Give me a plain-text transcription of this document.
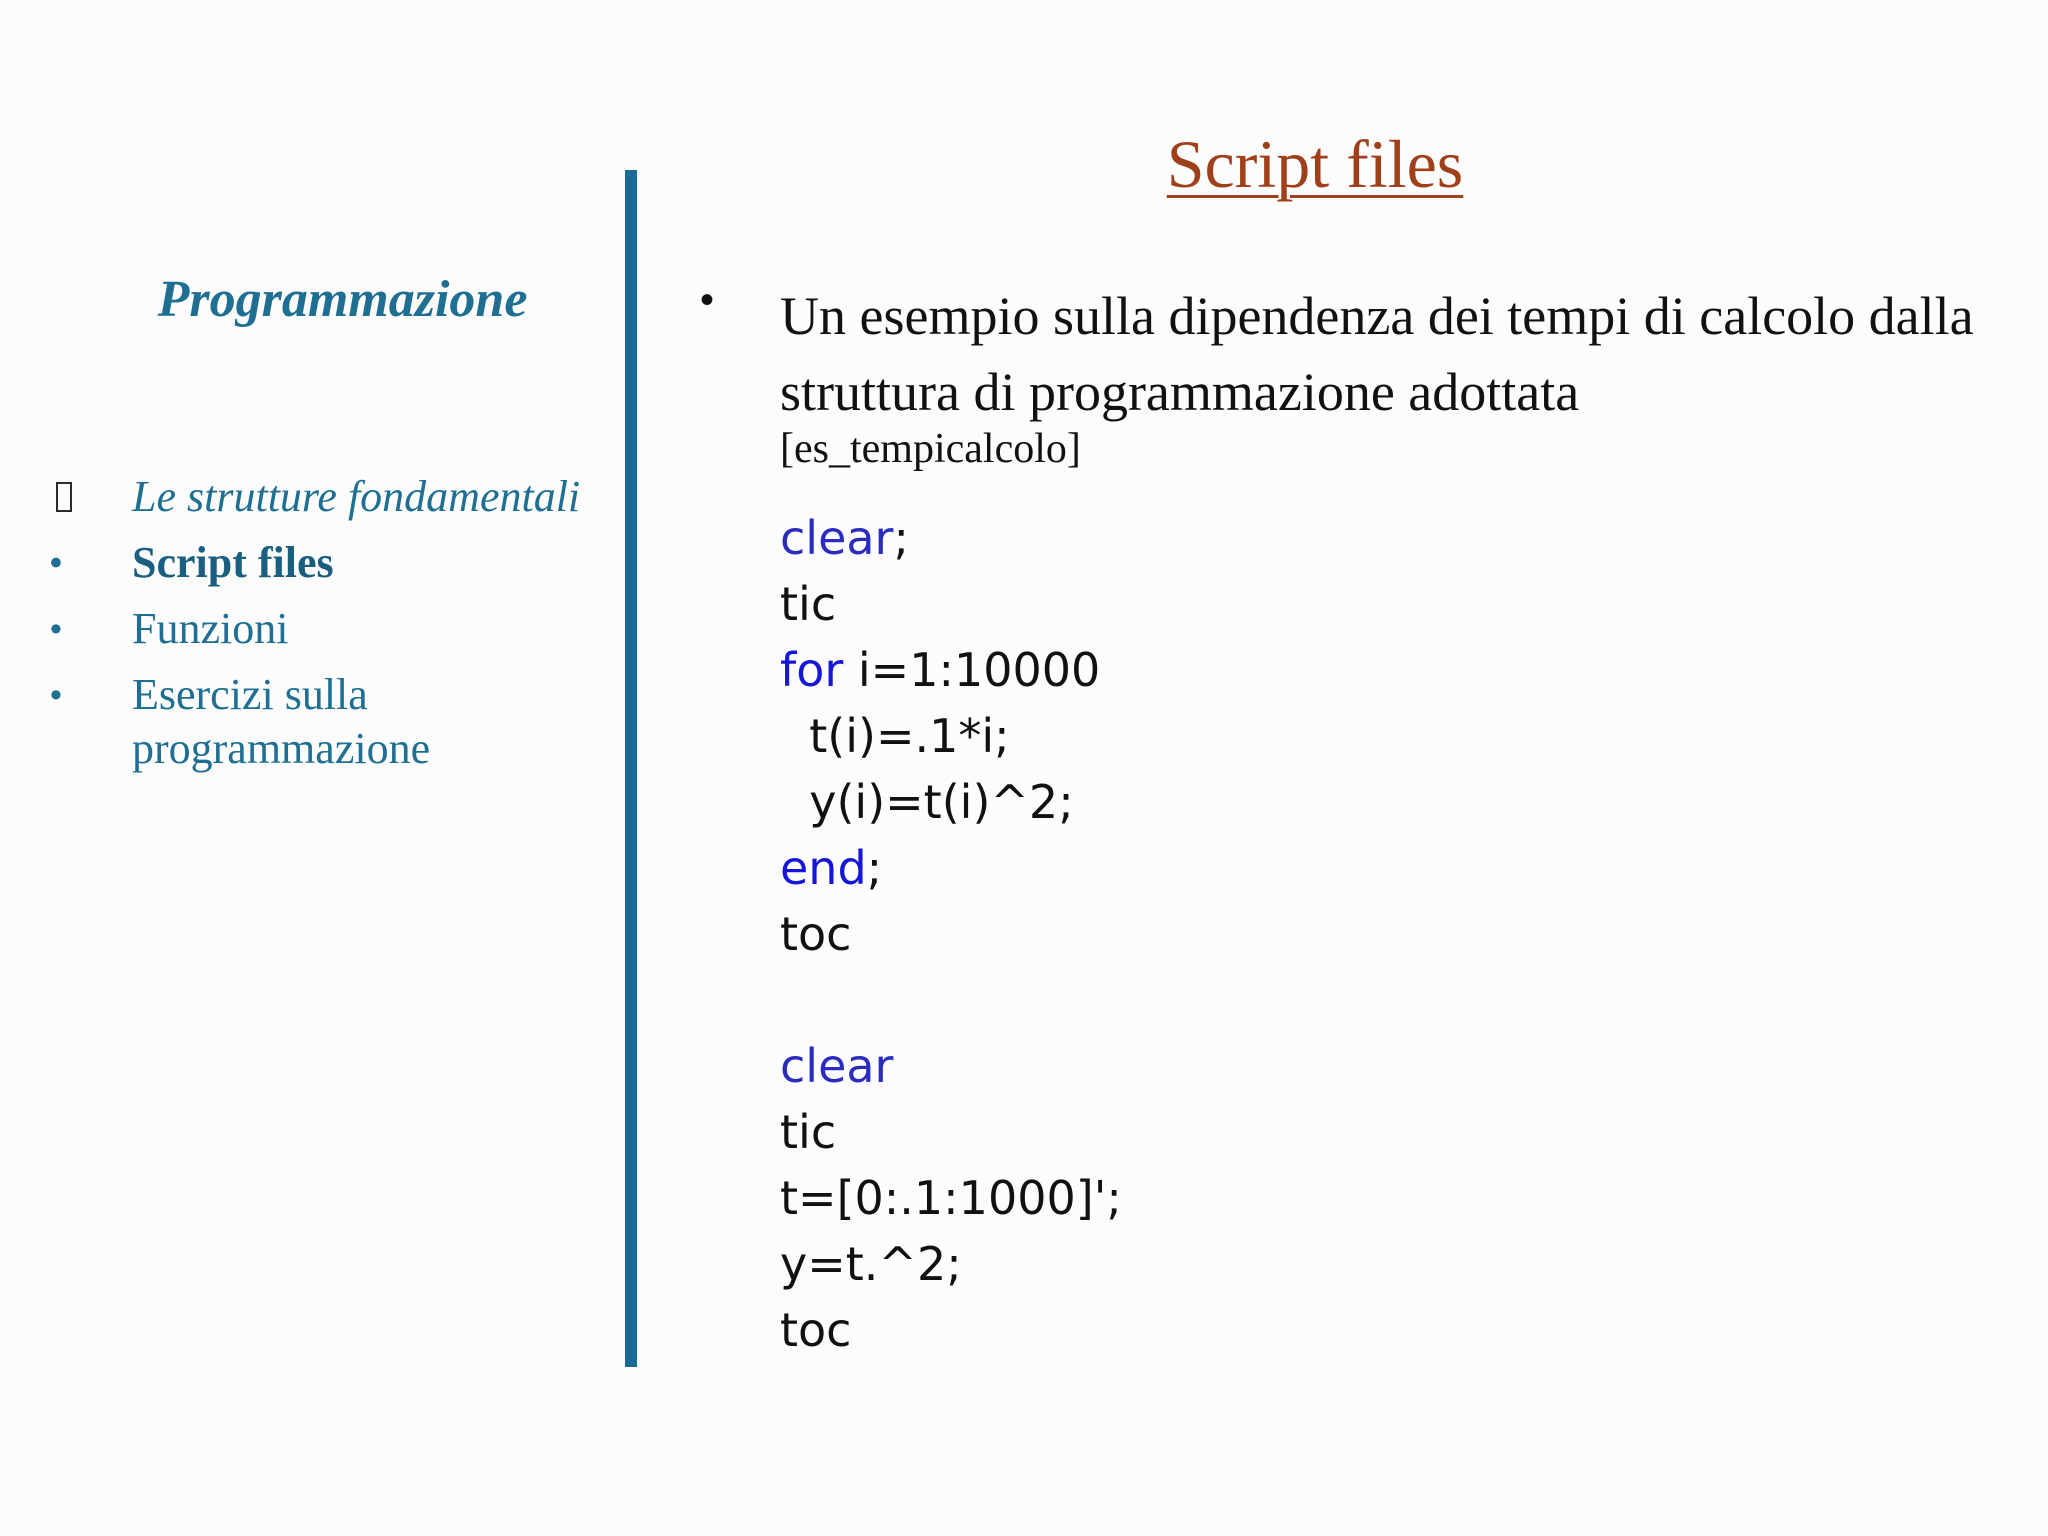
Programmazione
Le strutture fondamentali
•	Script files
•	Funzioni
•	Esercizi sulla programmazione
Script files
• Un esempio sulla dipendenza dei tempi di calcolo dalla struttura di programmazione adottata
[es_tempicalcolo]
clear;
tic
for i=1:10000
t(i)=.1*i;
y(i)=t(i)^2;
end;
toc
clear
tic
t=[0:.1:1000]';
y=t.^2;
toc
